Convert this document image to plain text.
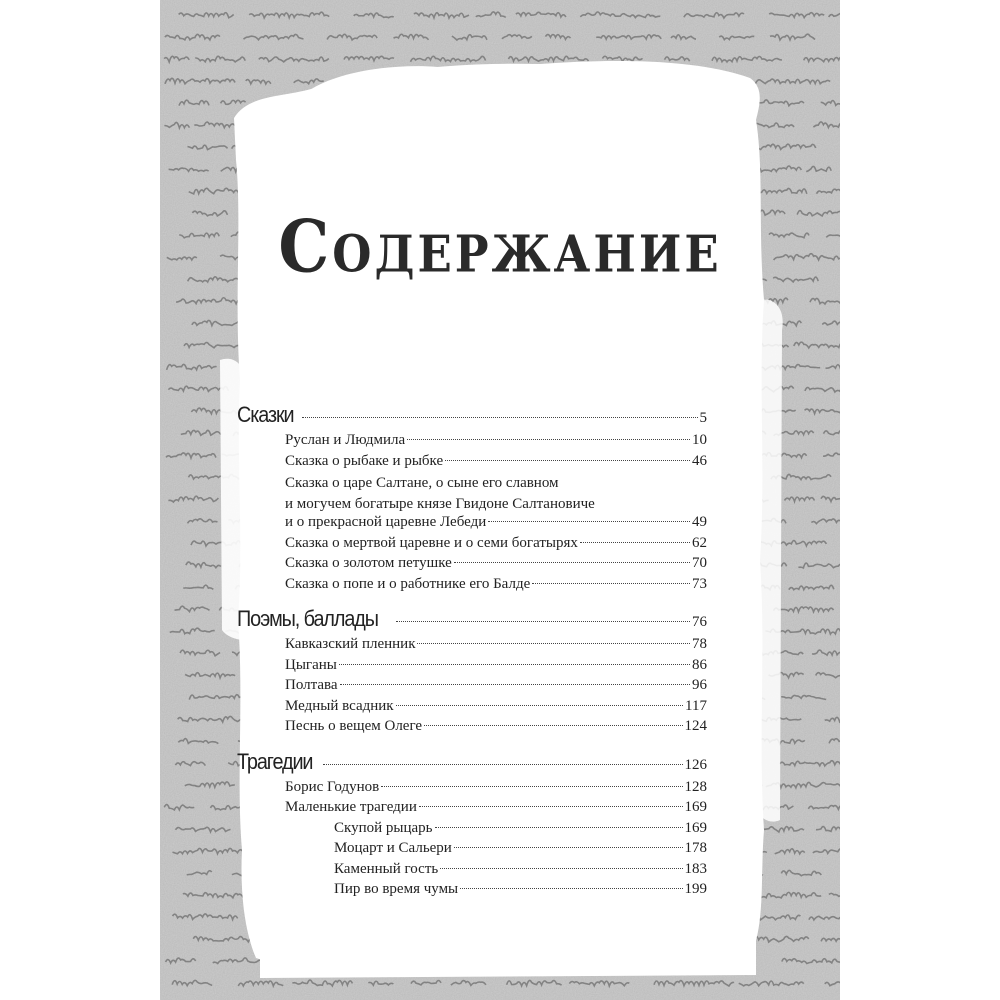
Содержание
Сказки	5
Руслан и Людмила	10
Сказка о рыбаке и рыбке	46
Сказка о царе Салтане, о сыне его славном
и могучем богатыре князе Гвидоне Салтановиче
и о прекрасной царевне Лебеди	49
Сказка о мертвой царевне и о семи богатырях	62
Сказка о золотом петушке	70
Сказка о попе и о работнике его Балде	73
Поэмы, баллады	76
Кавказский пленник	78
Цыганы	86
Полтава	96
Медный всадник	117
Песнь о вещем Олеге	124
Трагедии	126
Борис Годунов	128
Маленькие трагедии	169
Скупой рыцарь	169
Моцарт и Сальери	178
Каменный гость	183
Пир во время чумы	199
